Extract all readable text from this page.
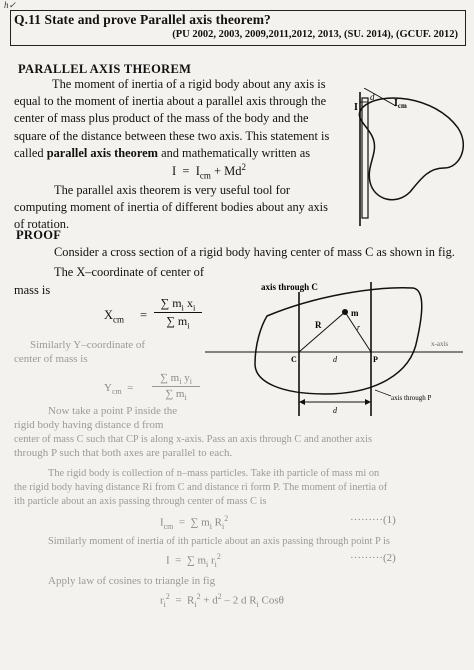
h✓
Q.11 State and prove Parallel axis theorem?
(PU 2002, 2003, 2009,2011,2012, 2013, (SU. 2014), (GCUF. 2012)
PARALLEL AXIS THEOREM
The moment of inertia of a rigid body about any axis is
equal to the moment of inertia about a parallel axis through the
center of mass plus product of the mass of the body and the
square of the distance between these two axis. This statement is
called parallel axis theorem and mathematically written as
$I = I_{cm} + Md^2$
The parallel axis theorem is very useful tool for
computing moment of inertia of different bodies about any axis
of rotation.
I
d
$I_{cm}$
PROOF
Consider a cross section of a rigid body having center of mass C as shown in fig.
The X–coordinate of center of
mass is
$X_{cm}$ =
∑ $m_i$ $x_i$
∑ $m_i$
Similarly Y–coordinate of
center of mass is
$Y_{cm}$  =
∑ $m_i$ $y_i$
∑ $m_i$
axis through C
x-axis
R
m
r
C	P
d
d
axis through P
Now take a point P inside the
rigid body having distance d from
center of mass C such that CP is along x-axis. Pass an axis through C and another axis
through P such that both axes are parallel to each.
The rigid body is collection of n–mass particles. Take ith particle of mass mi on
the rigid body having distance Ri from C and distance ri form P. The moment of inertia of
ith particle about an axis passing through center of mass C is
$I_{cm}$  =  ∑ $m_i$ $R_i^2$	·········(1)
Similarly moment of inertia of ith particle about an axis passing through point P is
I  =  ∑ $m_i$ $r_i^2$	·········(2)
Apply law of cosines to triangle in fig
$r_i^2 = R_i^2 + d^2 - 2$ d $R_i$ Cosθ
